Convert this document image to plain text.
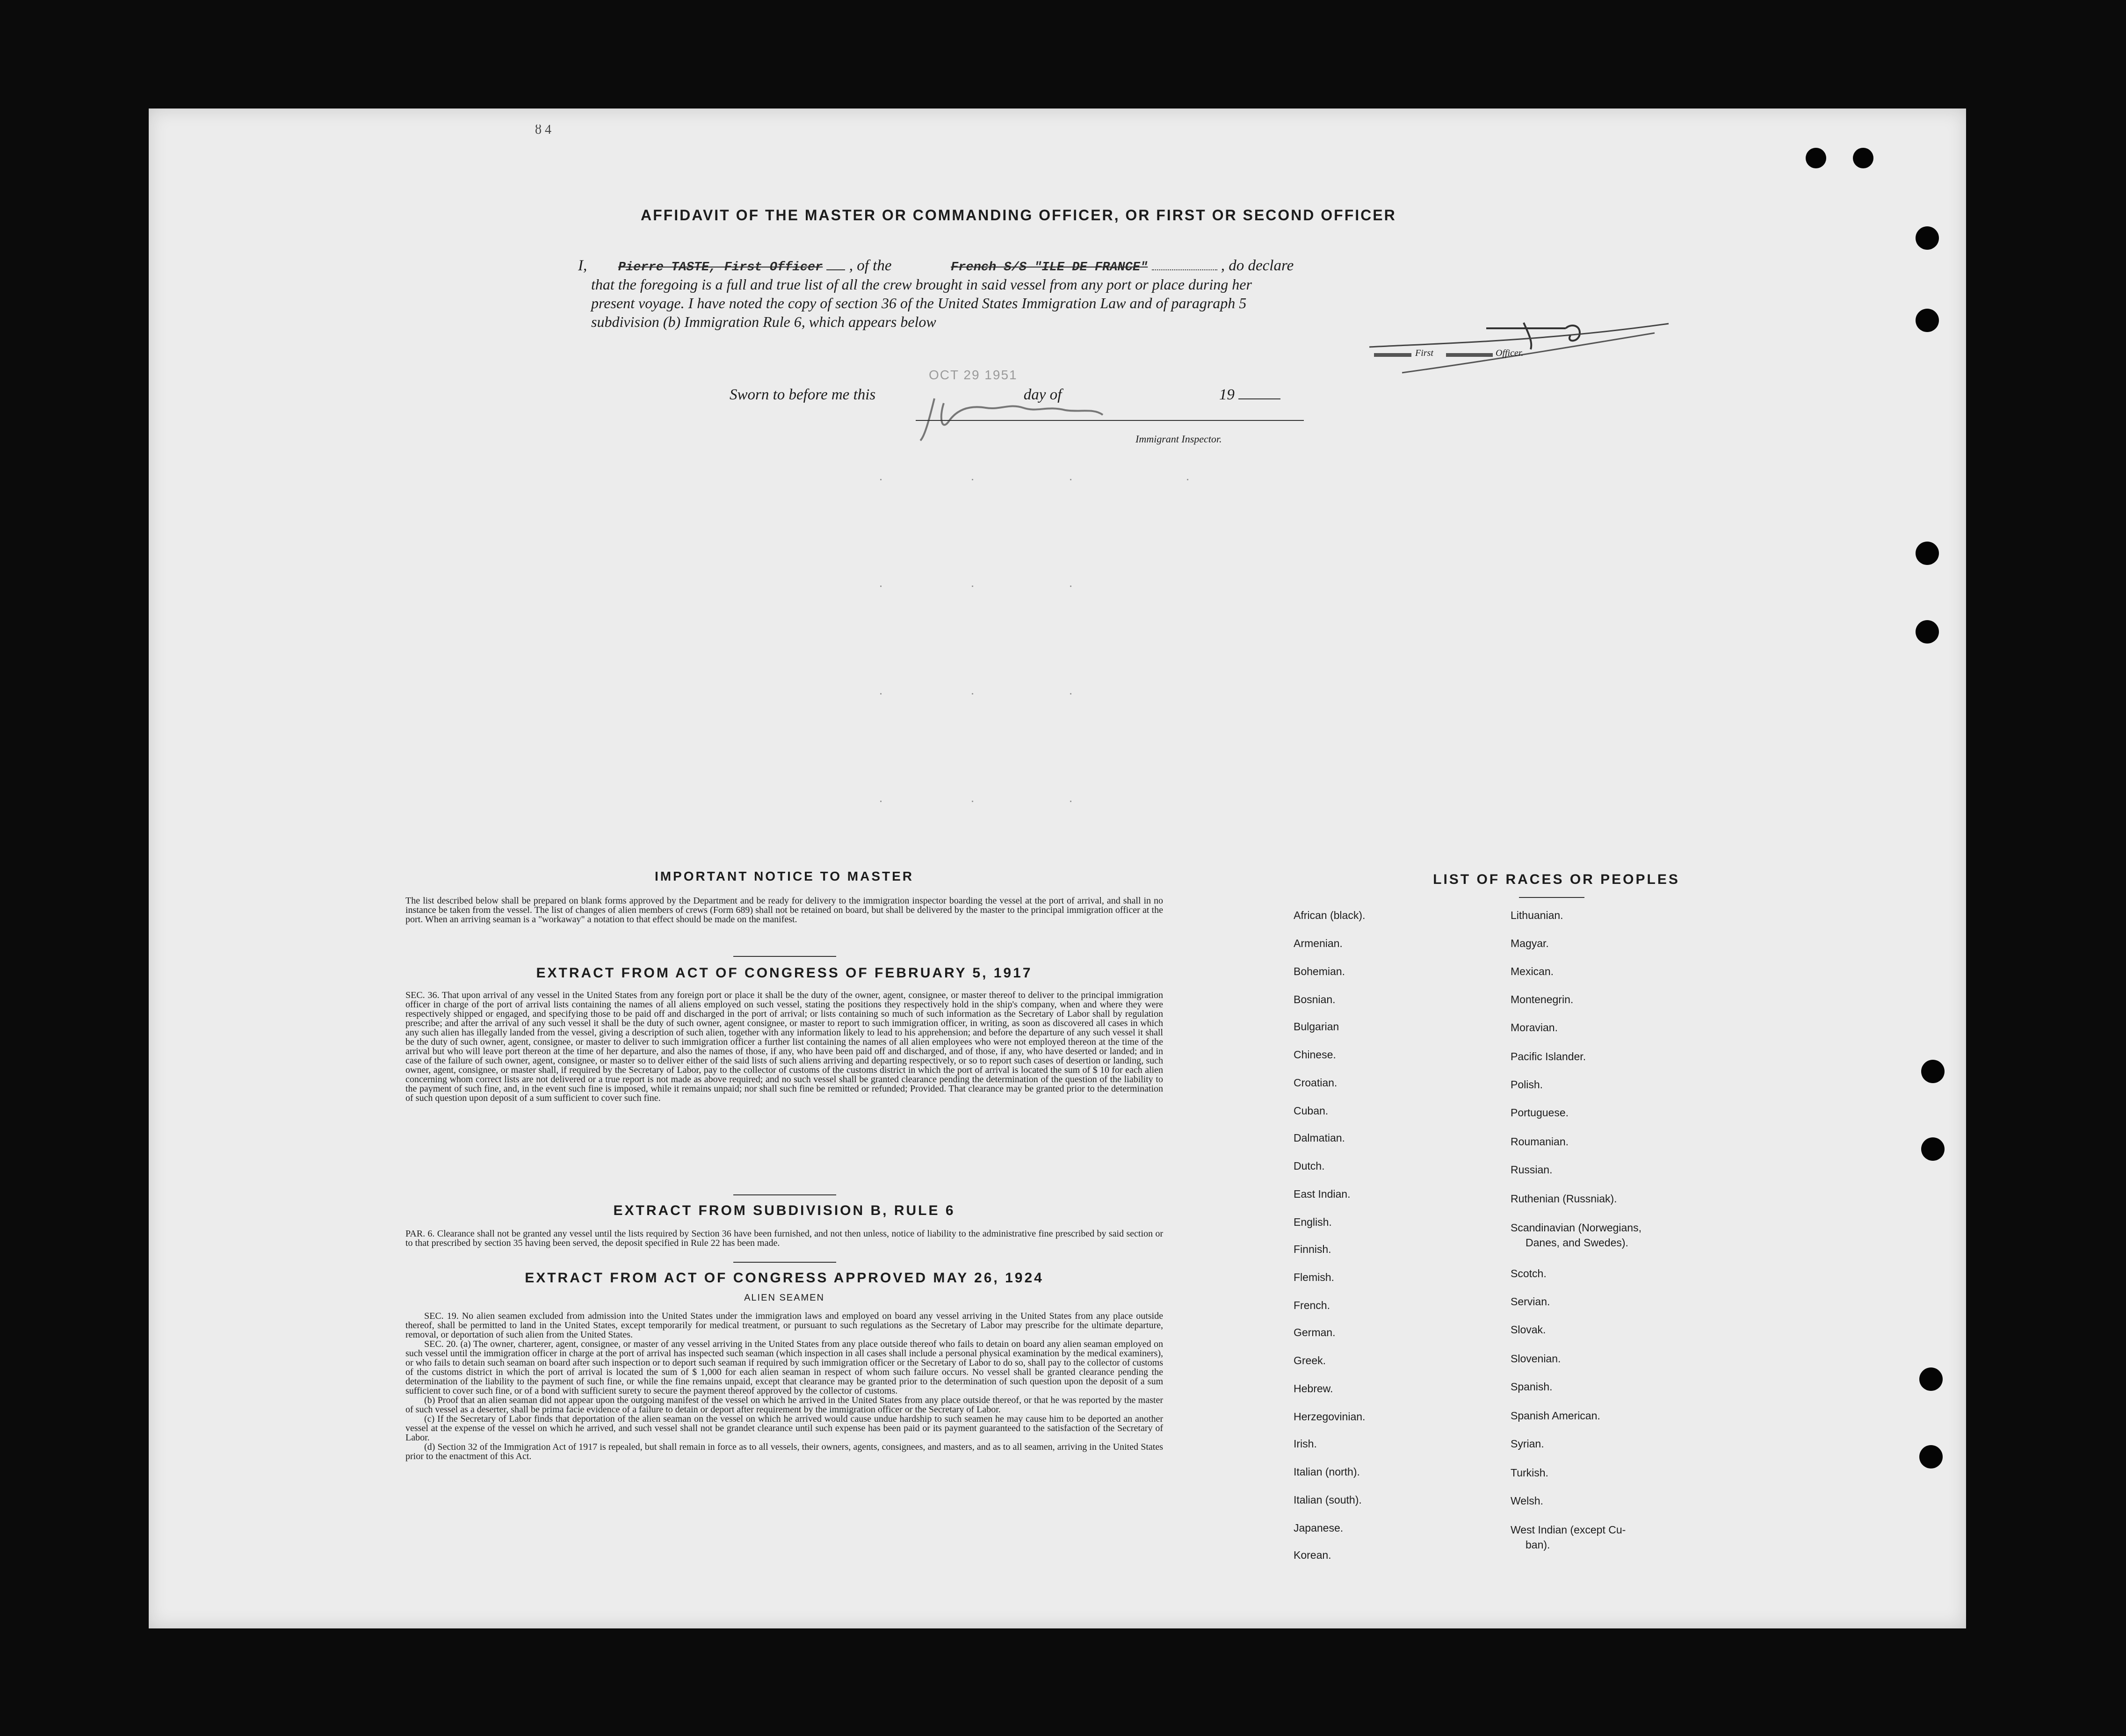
ȣ 4
AFFIDAVIT OF THE MASTER OR COMMANDING OFFICER, OR FIRST OR SECOND OFFICER
I, Pierre TASTE, First Officer , of the	French S/S "ILE DE FRANCE"	, do declare
that the foregoing is a full and true list of all the crew brought in said vessel from any port or place during her
present voyage. I have noted the copy of section 36 of the United States Immigration Law and of paragraph 5
subdivision (b) Immigration Rule 6, which appears below
First	Officer.
Sworn to before me this	day of	19
OCT 29 1951
Immigrant Inspector.
IMPORTANT NOTICE TO MASTER
The list described below shall be prepared on blank forms approved by the Department and be ready for delivery to the immigration inspector boarding the vessel at the port of arrival, and shall in no instance be taken from the vessel. The list of changes of alien members of crews (Form 689) shall not be retained on board, but shall be delivered by the master to the principal immigration officer at the port. When an arriving seaman is a "workaway" a notation to that effect should be made on the manifest.
EXTRACT FROM ACT OF CONGRESS OF FEBRUARY 5, 1917
SEC. 36. That upon arrival of any vessel in the United States from any foreign port or place it shall be the duty of the owner, agent, consignee, or master thereof to deliver to the principal immigration officer in charge of the port of arrival lists containing the names of all aliens employed on such vessel, stating the positions they respectively hold in the ship's company, when and where they were respectively shipped or engaged, and specifying those to be paid off and discharged in the port of arrival; or lists containing so much of such information as the Secretary of Labor shall by regulation prescribe; and after the arrival of any such vessel it shall be the duty of such owner, agent consignee, or master to report to such immigration officer, in writing, as soon as discovered all cases in which any such alien has illegally landed from the vessel, giving a description of such alien, together with any information likely to lead to his apprehension; and before the departure of any such vessel it shall be the duty of such owner, agent, consignee, or master to deliver to such immigration officer a further list containing the names of all alien employees who were not employed thereon at the time of the arrival but who will leave port thereon at the time of her departure, and also the names of those, if any, who have been paid off and discharged, and of those, if any, who have deserted or landed; and in case of the failure of such owner, agent, consignee, or master so to deliver either of the said lists of such aliens arriving and departing respectively, or so to report such cases of desertion or landing, such owner, agent, consignee, or master shall, if required by the Secretary of Labor, pay to the collector of customs of the customs district in which the port of arrival is located the sum of $ 10 for each alien concerning whom correct lists are not delivered or a true report is not made as above required; and no such vessel shall be granted clearance pending the determination of the question of the liability to the payment of such fine, and, in the event such fine is imposed, while it remains unpaid; nor shall such fine be remitted or refunded; Provided. That clearance may be granted prior to the determination of such question upon deposit of a sum sufficient to cover such fine.
EXTRACT FROM SUBDIVISION B, RULE 6
PAR. 6. Clearance shall not be granted any vessel until the lists required by Section 36 have been furnished, and not then unless, notice of liability to the administrative fine prescribed by said section or to that prescribed by section 35 having been served, the deposit specified in Rule 22 has been made.
EXTRACT FROM ACT OF CONGRESS APPROVED MAY 26, 1924
ALIEN SEAMEN
SEC. 19. No alien seamen excluded from admission into the United States under the immigration laws and employed on board any vessel arriving in the United States from any place outside thereof, shall be permitted to land in the United States, except temporarily for medical treatment, or pursuant to such regulations as the Secretary of Labor may prescribe for the ultimate departure, removal, or deportation of such alien from the United States.
SEC. 20. (a) The owner, charterer, agent, consignee, or master of any vessel arriving in the United States from any place outside thereof who fails to detain on board any alien seaman employed on such vessel until the immigration officer in charge at the port of arrival has inspected such seaman (which inspection in all cases shall include a personal physical examination by the medical examiners), or who fails to detain such seaman on board after such inspection or to deport such seaman if required by such immigration officer or the Secretary of Labor to do so, shall pay to the collector of customs of the customs district in which the port of arrival is located the sum of $ 1,000 for each alien seaman in respect of whom such failure occurs. No vessel shall be granted clearance pending the determination of the liability to the payment of such fine, or while the fine remains unpaid, except that clearance may be granted prior to the determination of such question upon the deposit of a sum sufficient to cover such fine, or of a bond with sufficient surety to secure the payment thereof approved by the collector of customs.
(b) Proof that an alien seaman did not appear upon the outgoing manifest of the vessel on which he arrived in the United States from any place outside thereof, or that he was reported by the master of such vessel as a deserter, shall be prima facie evidence of a failure to detain or deport after requirement by the immigration officer or the Secretary of Labor.
(c) If the Secretary of Labor finds that deportation of the alien seaman on the vessel on which he arrived would cause undue hardship to such seamen he may cause him to be deported an another vessel at the expense of the vessel on which he arrived, and such vessel shall not be grandet clearance until such expense has been paid or its payment guaranteed to the satisfaction of the Secretary of Labor.
(d) Section 32 of the Immigration Act of 1917 is repealed, but shall remain in force as to all vessels, their owners, agents, consignees, and masters, and as to all seamen, arriving in the United States prior to the enactment of this Act.
LIST OF RACES OR PEOPLES
African (black).
Armenian.
Bohemian.
Bosnian.
Bulgarian
Chinese.
Croatian.
Cuban.
Dalmatian.
Dutch.
East Indian.
English.
Finnish.
Flemish.
French.
German.
Greek.
Hebrew.
Herzegovinian.
Irish.
Italian (north).
Italian (south).
Japanese.
Korean.
Lithuanian.
Magyar.
Mexican.
Montenegrin.
Moravian.
Pacific Islander.
Polish.
Portuguese.
Roumanian.
Russian.
Ruthenian (Russniak).
Scandinavian (Norwegians,
Danes, and Swedes).
Scotch.
Servian.
Slovak.
Slovenian.
Spanish.
Spanish American.
Syrian.
Turkish.
Welsh.
West Indian (except Cu-
ban).
